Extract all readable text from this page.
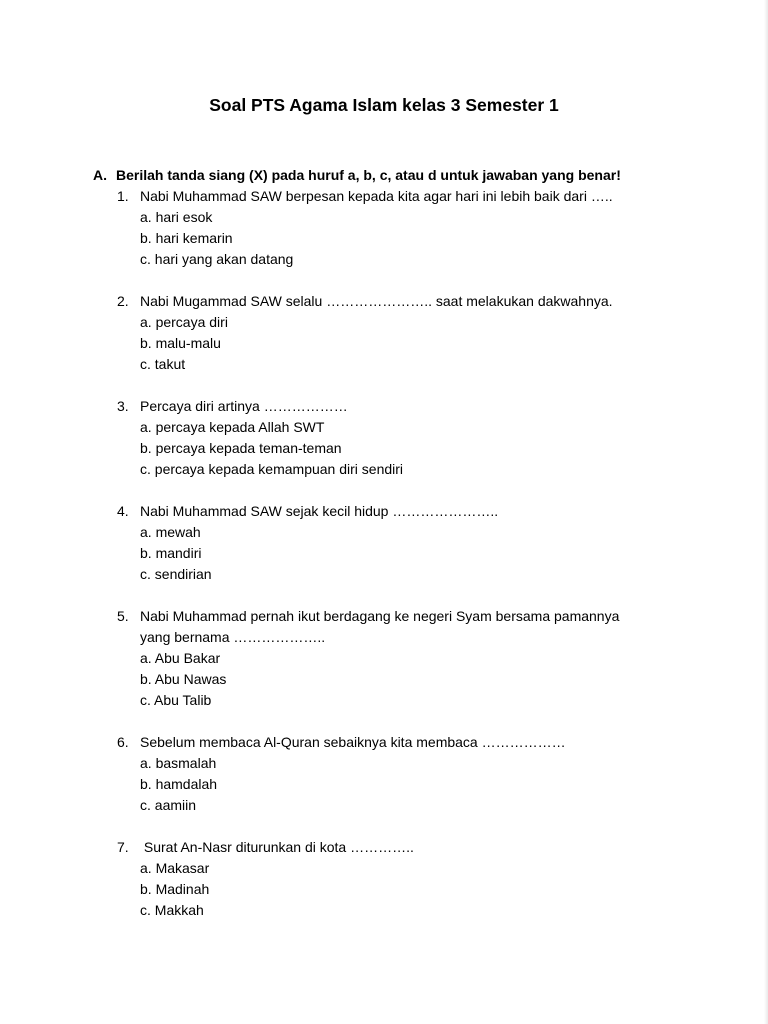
Soal PTS Agama Islam kelas 3 Semester 1
A. Berilah tanda siang (X) pada huruf a, b, c, atau d untuk jawaban yang benar!
1. Nabi Muhammad SAW berpesan kepada kita agar hari ini lebih baik dari …..
a. hari esok
b. hari kemarin
c. hari yang akan datang
2. Nabi Mugammad SAW selalu ………………….. saat melakukan dakwahnya.
a. percaya diri
b. malu-malu
c. takut
3. Percaya diri artinya ………………
a. percaya kepada Allah SWT
b. percaya kepada teman-teman
c. percaya kepada kemampuan diri sendiri
4. Nabi Muhammad SAW sejak kecil hidup …………………..
a. mewah
b. mandiri
c. sendirian
5. Nabi Muhammad pernah ikut berdagang ke negeri Syam bersama pamannya
yang bernama ………………..
a. Abu Bakar
b. Abu Nawas
c. Abu Talib
6. Sebelum membaca Al-Quran sebaiknya kita membaca ………………
a. basmalah
b. hamdalah
c. aamiin
7. Surat An-Nasr diturunkan di kota …………..
a. Makasar
b. Madinah
c. Makkah
